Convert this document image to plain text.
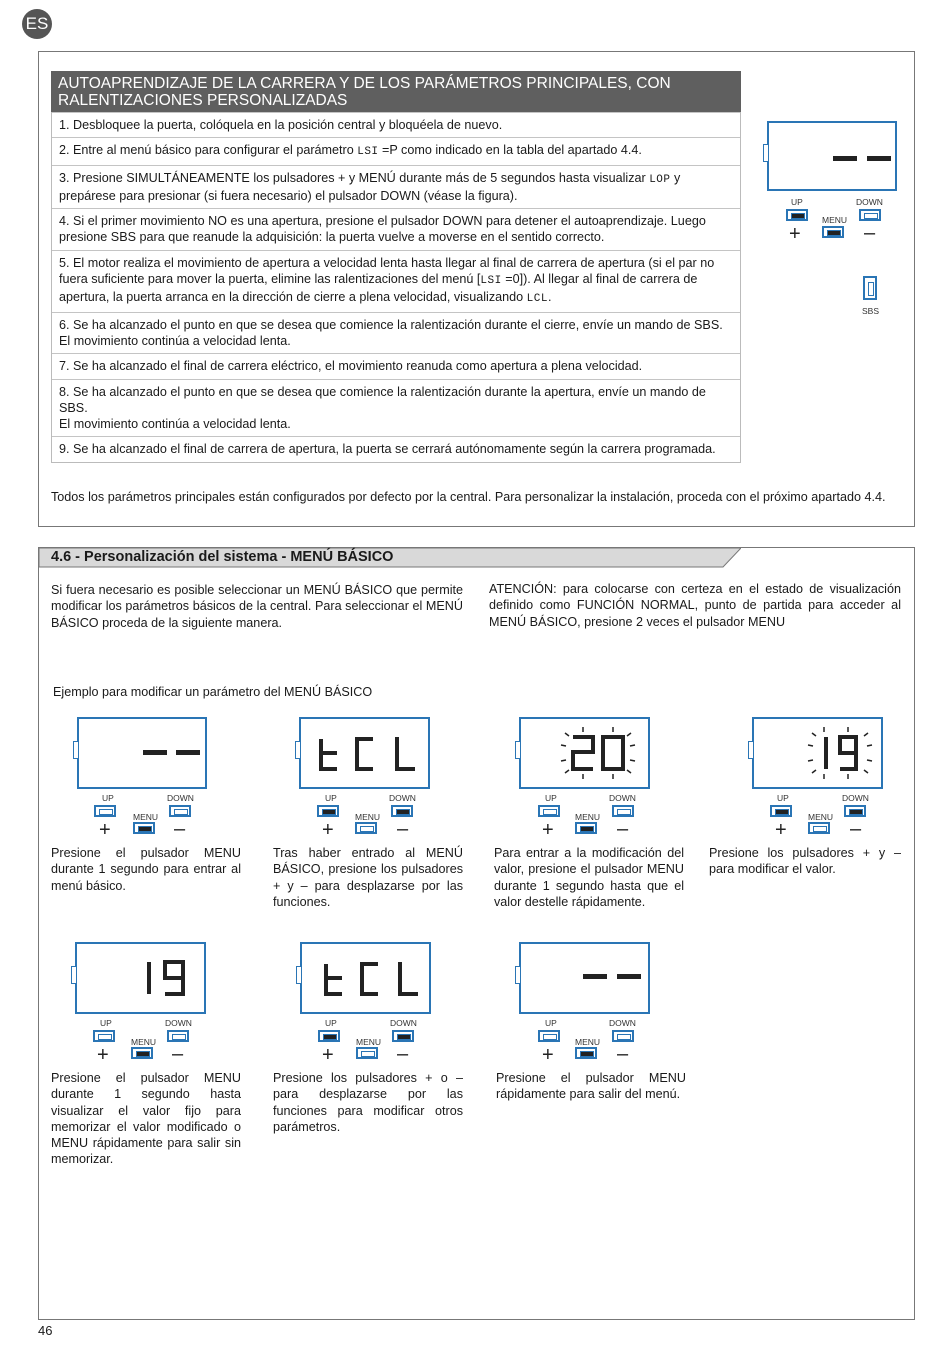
ES
AUTOAPRENDIZAJE DE LA CARRERA Y DE LOS PARÁMETROS PRINCIPALES, CON RALENTIZACIONES PERSONALIZADAS
1. Desbloquee la puerta, colóquela en la posición central y bloquéela de nuevo.
2. Entre al menú básico para configurar el parámetro LSI =P como indicado en la tabla del apartado 4.4.
3. Presione SIMULTÁNEAMENTE los pulsadores + y MENÚ durante más de 5 segundos hasta visualizar LOP y prepárese para presionar (si fuera necesario) el pulsador DOWN (véase la figura).
4. Si el primer movimiento NO es una apertura, presione el pulsador DOWN para detener el autoaprendizaje. Luego presione SBS para que reanude la adquisición: la puerta vuelve a moverse en el sentido correcto.
5. El motor realiza el movimiento de apertura a velocidad lenta hasta llegar al final de carrera de apertura (si el par no fuera suficiente para mover la puerta, elimine las ralentizaciones del menú [LSI =0]). Al llegar al final de carrera de apertura, la puerta arranca en la dirección de cierre a plena velocidad, visualizando LCL.
6. Se ha alcanzado el punto en que se desea que comience la ralentización durante el cierre, envíe un mando de SBS.
El movimiento continúa a velocidad lenta.
7. Se ha alcanzado el final de carrera eléctrico, el movimiento reanuda como apertura a plena velocidad.
8. Se ha alcanzado el punto en que se desea que comience la ralentización durante la apertura, envíe un mando de SBS.
El movimiento continúa a velocidad lenta.
9. Se ha alcanzado el final de carrera de apertura, la puerta se cerrará autónomamente según la carrera programada.
UP	DOWN
MENU
+	–
SBS
Todos los parámetros principales están configurados por defecto por la central. Para personalizar la instalación, proceda con el próximo apartado 4.4.
4.6 - Personalización del sistema - MENÚ BÁSICO
Si fuera necesario es posible seleccionar un MENÚ BÁSICO que permite modificar los parámetros básicos de la central. Para seleccionar el MENÚ BÁSICO proceda de la siguiente manera.
ATENCIÓN: para colocarse con certeza en el estado de visualización definido como FUNCIÓN NORMAL, punto de partida para acceder al MENÚ BÁSICO, presione 2 veces el pulsador MENU
Ejemplo para modificar un parámetro del MENÚ BÁSICO
UP	DOWN
MENU
+	–
Presione el pulsador MENU durante 1 segundo para entrar al menú básico.
UP	DOWN
MENU
+	–
Tras haber entrado al MENÚ BÁSICO, presione los pulsadores + y – para desplazarse por las funciones.
UP	DOWN
MENU
+	–
Para entrar a la modificación del valor, presione el pulsador MENU durante 1 segundo hasta que el valor destelle rápidamente.
UP	DOWN
MENU
+	–
Presione los pulsadores + y – para modificar el valor.
UP	DOWN
MENU
+	–
Presione el pulsador MENU durante 1 segundo hasta visualizar el valor fijo para memorizar el valor modificado o MENU rápidamente para salir sin memorizar.
UP	DOWN
MENU
+	–
Presione los pulsadores + o – para desplazarse por las funciones para modificar otros parámetros.
UP	DOWN
MENU
+	–
Presione el pulsador MENU rápidamente para salir del menú.
46
